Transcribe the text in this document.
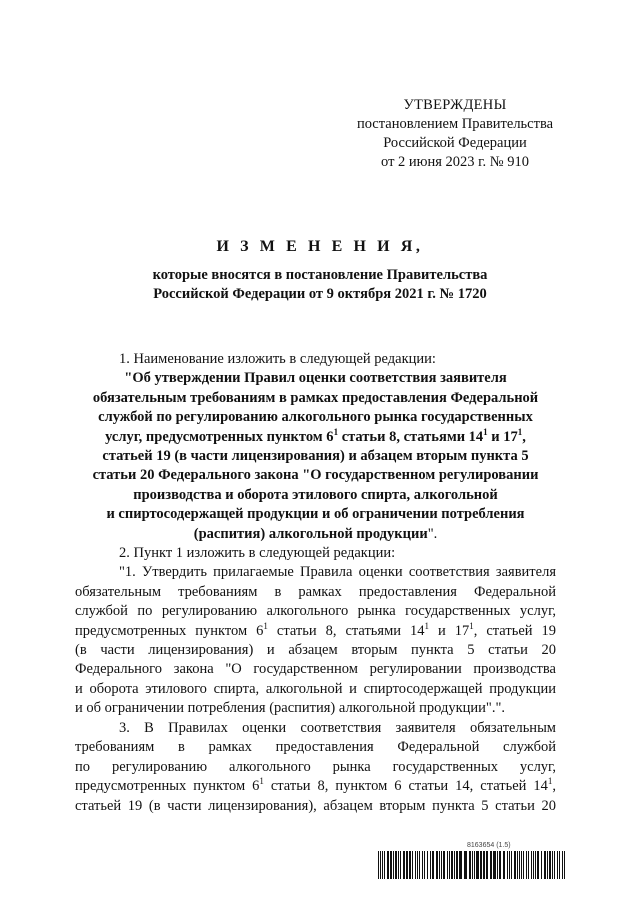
УТВЕРЖДЕНЫ
постановлением Правительства
Российской Федерации
от 2 июня 2023 г. № 910
И З М Е Н Е Н И Я,
которые вносятся в постановление Правительства
Российской Федерации от 9 октября 2021 г. № 1720
1. Наименование изложить в следующей редакции:
"Об утверждении Правил оценки соответствия заявителя
обязательным требованиям в рамках предоставления Федеральной
службой по регулированию алкогольного рынка государственных
услуг, предусмотренных пунктом $6^1$ статьи 8, статьями $14^1$ и $17^1$,
статьей 19 (в части лицензирования) и абзацем вторым пункта 5
статьи 20 Федерального закона "О государственном регулировании
производства и оборота этилового спирта, алкогольной
и спиртосодержащей продукции и об ограничении потребления
(распития) алкогольной продукции".
2. Пункт 1 изложить в следующей редакции:
"1. Утвердить прилагаемые Правила оценки соответствия заявителя
обязательным требованиям в рамках предоставления Федеральной
службой по регулированию алкогольного рынка государственных услуг,
предусмотренных пунктом $6^1$ статьи 8, статьями $14^1$ и $17^1$, статьей 19
(в части лицензирования) и абзацем вторым пункта 5 статьи 20
Федерального закона "О государственном регулировании производства
и оборота этилового спирта, алкогольной и спиртосодержащей продукции
и об ограничении потребления (распития) алкогольной продукции".".
3. В Правилах оценки соответствия заявителя обязательным
требованиям в рамках предоставления Федеральной службой
по регулированию алкогольного рынка государственных услуг,
предусмотренных пунктом $6^1$ статьи 8, пунктом 6 статьи 14, статьей $14^1$,
статьей 19 (в части лицензирования), абзацем вторым пункта 5 статьи 20
8163654 (1.5)
